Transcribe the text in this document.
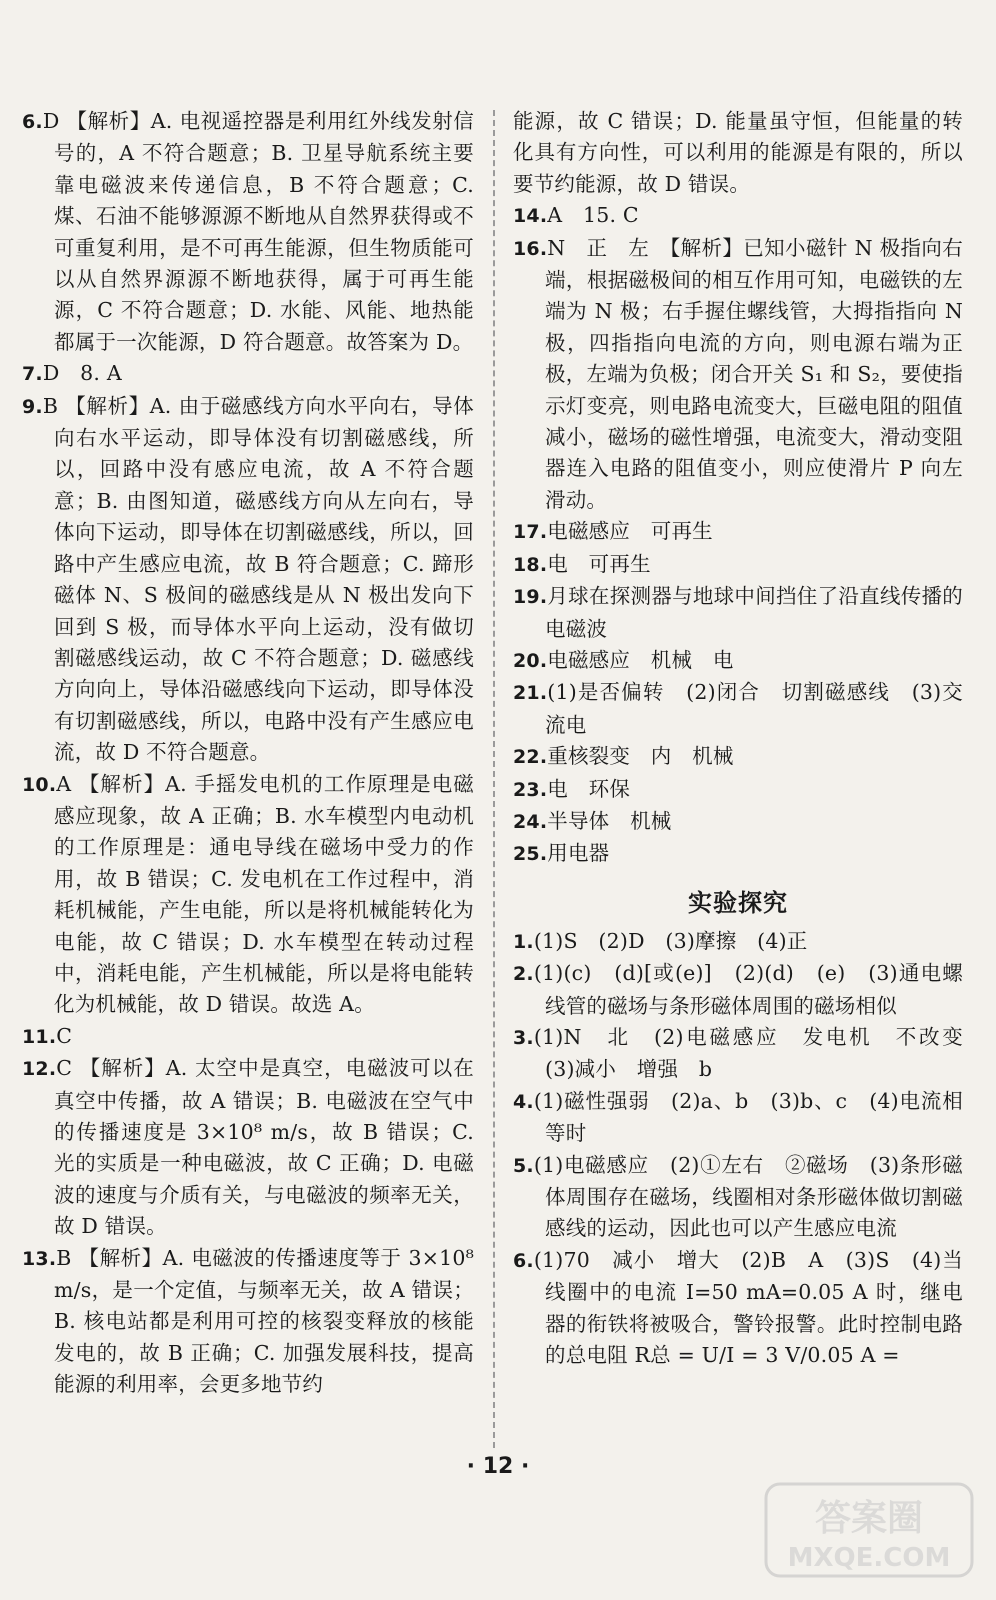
6.D 【解析】A. 电视遥控器是利用红外线发射信号的，A 不符合题意；B. 卫星导航系统主要靠电磁波来传递信息，B 不符合题意；C. 煤、石油不能够源源不断地从自然界获得或不可重复利用，是不可再生能源，但生物质能可以从自然界源源不断地获得，属于可再生能源，C 不符合题意；D. 水能、风能、地热能都属于一次能源，D 符合题意。故答案为 D。
7.D　8. A
9.B 【解析】A. 由于磁感线方向水平向右，导体向右水平运动，即导体没有切割磁感线，所以，回路中没有感应电流，故 A 不符合题意；B. 由图知道，磁感线方向从左向右，导体向下运动，即导体在切割磁感线，所以，回路中产生感应电流，故 B 符合题意；C. 蹄形磁体 N、S 极间的磁感线是从 N 极出发向下回到 S 极，而导体水平向上运动，没有做切割磁感线运动，故 C 不符合题意；D. 磁感线方向向上，导体沿磁感线向下运动，即导体没有切割磁感线，所以，电路中没有产生感应电流，故 D 不符合题意。
10.A 【解析】A. 手摇发电机的工作原理是电磁感应现象，故 A 正确；B. 水车模型内电动机的工作原理是：通电导线在磁场中受力的作用，故 B 错误；C. 发电机在工作过程中，消耗机械能，产生电能，所以是将机械能转化为电能，故 C 错误；D. 水车模型在转动过程中，消耗电能，产生机械能，所以是将电能转化为机械能，故 D 错误。故选 A。
11.C
12.C 【解析】A. 太空中是真空，电磁波可以在真空中传播，故 A 错误；B. 电磁波在空气中的传播速度是 3×10⁸ m/s，故 B 错误；C. 光的实质是一种电磁波，故 C 正确；D. 电磁波的速度与介质有关，与电磁波的频率无关，故 D 错误。
13.B 【解析】A. 电磁波的传播速度等于 3×10⁸ m/s，是一个定值，与频率无关，故 A 错误；B. 核电站都是利用可控的核裂变释放的核能发电的，故 B 正确；C. 加强发展科技，提高能源的利用率，会更多地节约
能源，故 C 错误；D. 能量虽守恒，但能量的转化具有方向性，可以利用的能源是有限的，所以要节约能源，故 D 错误。
14.A　15. C
16.N　正　左　【解析】已知小磁针 N 极指向右端，根据磁极间的相互作用可知，电磁铁的左端为 N 极；右手握住螺线管，大拇指指向 N 极，四指指向电流的方向，则电源右端为正极，左端为负极；闭合开关 S₁ 和 S₂，要使指示灯变亮，则电路电流变大，巨磁电阻的阻值减小，磁场的磁性增强，电流变大，滑动变阻器连入电路的阻值变小，则应使滑片 P 向左滑动。
17.电磁感应　可再生
18.电　可再生
19.月球在探测器与地球中间挡住了沿直线传播的电磁波
20.电磁感应　机械　电
21.(1)是否偏转　(2)闭合　切割磁感线　(3)交流电
22.重核裂变　内　机械
23.电　环保
24.半导体　机械
25.用电器
实验探究
1.(1)S　(2)D　(3)摩擦　(4)正
2.(1)(c)　(d)[或(e)]　(2)(d)　(e)　(3)通电螺线管的磁场与条形磁体周围的磁场相似
3.(1)N　北　(2)电磁感应　发电机　不改变　(3)减小　增强　b
4.(1)磁性强弱　(2)a、b　(3)b、c　(4)电流相等时
5.(1)电磁感应　(2)①左右　②磁场　(3)条形磁体周围存在磁场，线圈相对条形磁体做切割磁感线的运动，因此也可以产生感应电流
6.(1)70　减小　增大　(2)B　A　(3)S　(4)当线圈中的电流 I=50 mA=0.05 A 时，继电器的衔铁将被吸合，警铃报警。此时控制电路的总电阻 R总 = U/I = 3 V/0.05 A =
· 12 ·
答案圈
MXQE.COM
